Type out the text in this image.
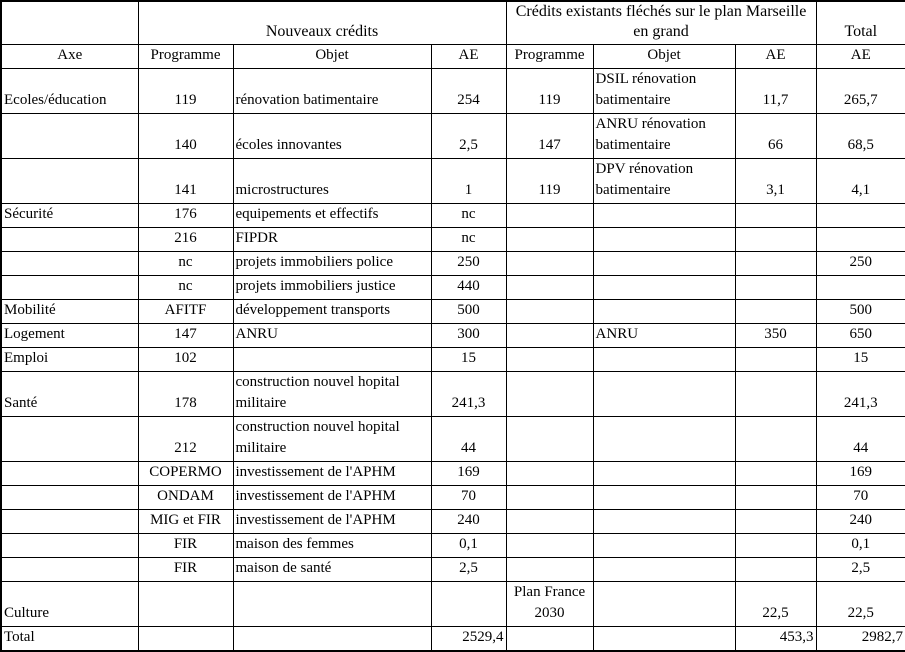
	Nouveaux crédits			Crédits existants fléchés sur le plan Marseille en grand			Total
Axe	Programme	Objet	AE	Programme	Objet	AE	AE
Ecoles/éducation	119	rénovation batimentaire	254	119	DSIL rénovation batimentaire	11,7	265,7
	140	écoles innovantes	2,5	147	ANRU rénovation batimentaire	66	68,5
	141	microstructures	1	119	DPV rénovation batimentaire	3,1	4,1
Sécurité	176	equipements et effectifs	nc				
	216	FIPDR	nc				
	nc	projets immobiliers police	250				250
	nc	projets immobiliers justice	440				
Mobilité	AFITF	développement transports	500				500
Logement	147	ANRU	300		ANRU	350	650
Emploi	102		15				15
Santé	178	construction nouvel hopital militaire	241,3				241,3
	212	construction nouvel hopital militaire	44				44
	COPERMO	investissement de l'APHM	169				169
	ONDAM	investissement de l'APHM	70				70
	MIG et FIR	investissement de l'APHM	240				240
	FIR	maison des femmes	0,1				0,1
	FIR	maison de santé	2,5				2,5
Culture				Plan France 2030		22,5	22,5
Total			2529,4			453,3	2982,7
